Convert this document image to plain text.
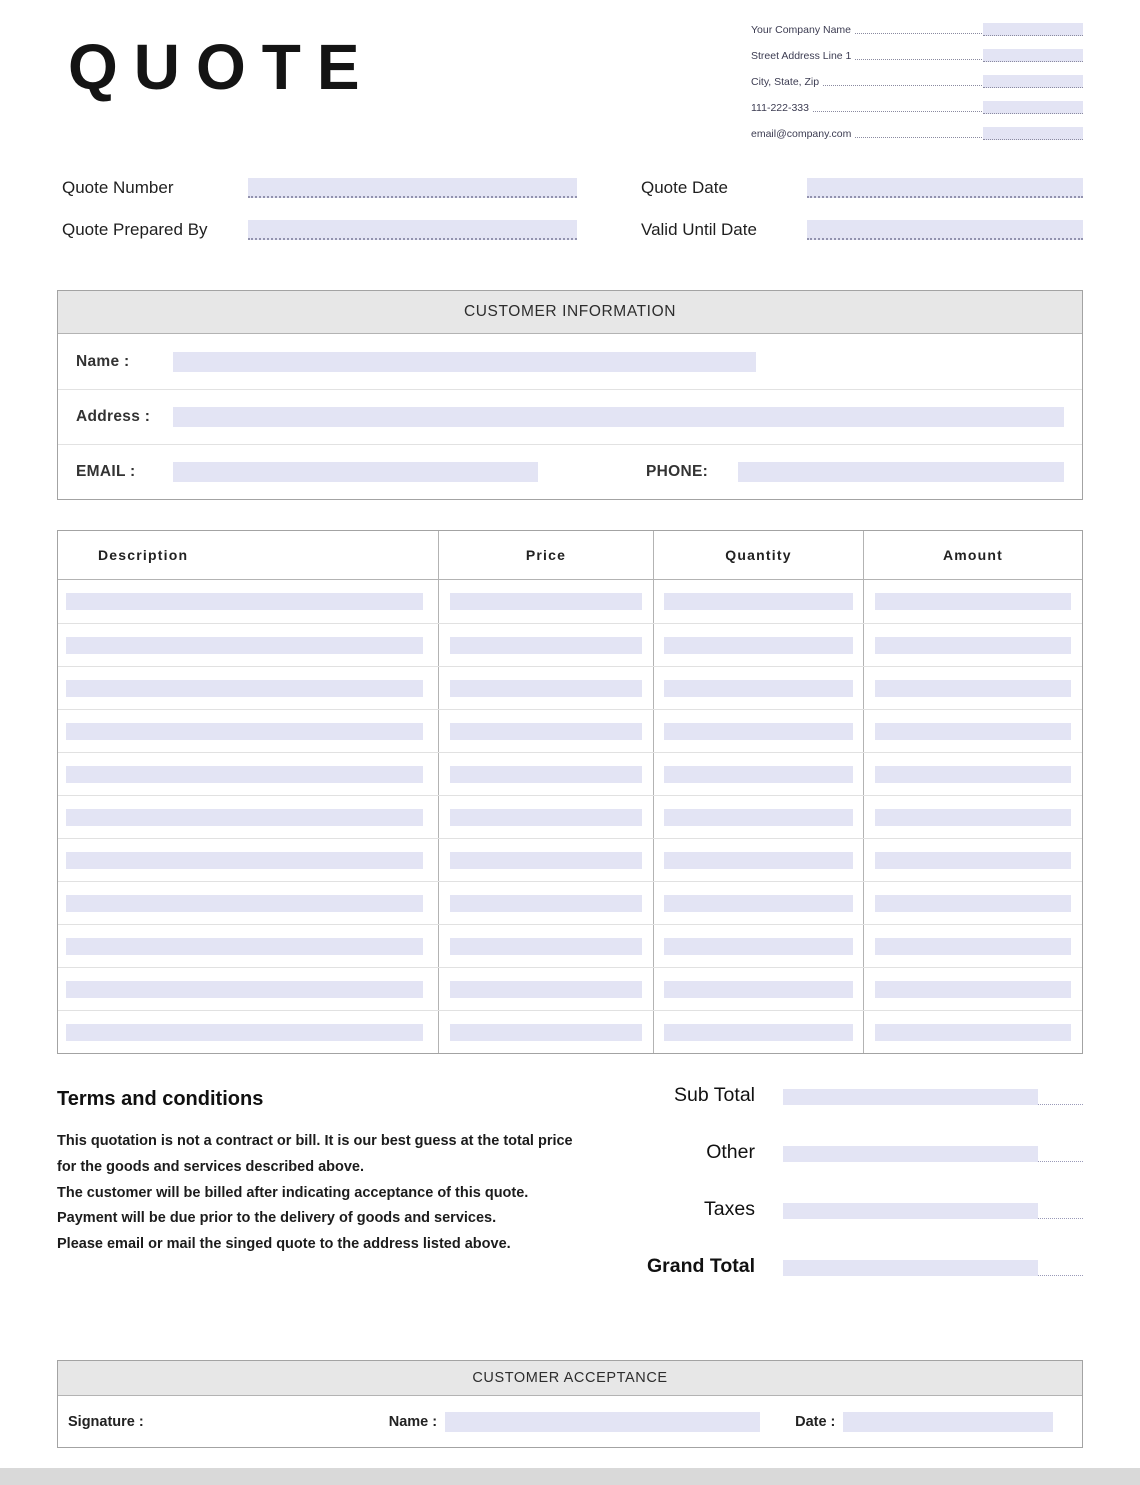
QUOTE
Your Company Name
Street Address Line 1
City, State, Zip
111-222-333
email@company.com
Quote Number	Quote Date
Quote Prepared By	Valid Until Date
CUSTOMER INFORMATION
Name :
Address :
EMAIL :	PHONE:
Description	Price	Quantity	Amount
Terms and conditions

This quotation is not a contract or bill. It is our best guess at the total price for the goods and services described above.

The customer will be billed after indicating acceptance of this quote.

Payment will be due prior to the delivery of goods and services.

Please email or mail the singed quote to the address listed above.

Sub Total
Other
Taxes
Grand Total
CUSTOMER ACCEPTANCE
Signature :	Name :	Date :
